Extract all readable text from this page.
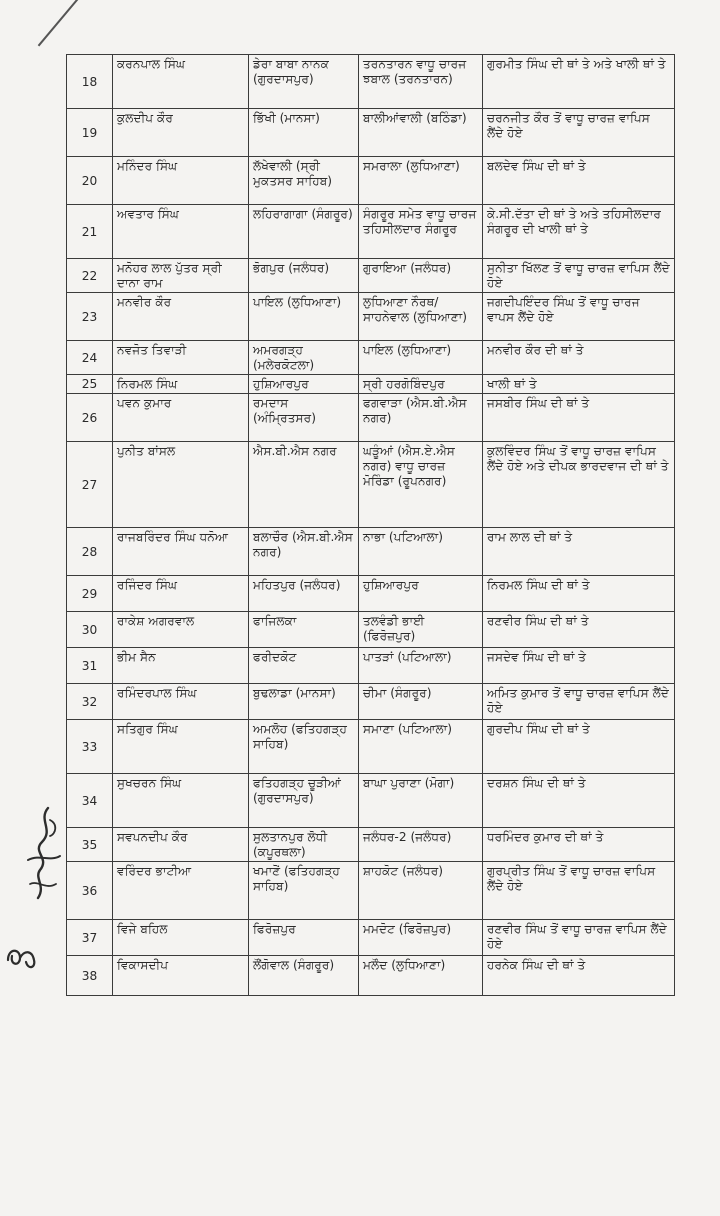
18	ਕਰਨਪਾਲ ਸਿੰਘ	ਡੇਰਾ ਬਾਬਾ ਨਾਨਕ (ਗੁਰਦਾਸਪੁਰ)	ਤਰਨਤਾਰਨ ਵਾਧੂ ਚਾਰਜ ਝਬਾਲ (ਤਰਨਤਾਰਨ)	ਗੁਰਮੀਤ ਸਿੰਘ ਦੀ ਥਾਂ ਤੇ ਅਤੇ ਖਾਲੀ ਥਾਂ ਤੇ

19	ਕੁਲਦੀਪ ਕੌਰ	ਭਿੱਖੀ (ਮਾਨਸਾ)	ਬਾਲੀਆਂਵਾਲੀ (ਬਠਿੰਡਾ)	ਚਰਨਜੀਤ ਕੌਰ ਤੋਂ ਵਾਧੂ ਚਾਰਜ਼ ਵਾਪਿਸ ਲੈਂਦੇ ਹੋਏ

20	ਮਨਿੰਦਰ ਸਿੰਘ	ਲੱਖੇਵਾਲੀ (ਸ੍ਰੀ ਮੁਕਤਸਰ ਸਾਹਿਬ)	ਸਮਰਾਲਾ (ਲੁਧਿਆਣਾ)	ਬਲਦੇਵ ਸਿੰਘ ਦੀ ਥਾਂ ਤੇ

21	ਅਵਤਾਰ ਸਿੰਘ	ਲਹਿਰਾਗਾਗਾ (ਸੰਗਰੂਰ)	ਸੰਗਰੂਰ ਸਮੇਤ ਵਾਧੂ ਚਾਰਜ ਤਹਿਸੀਲਦਾਰ ਸੰਗਰੂਰ	ਕੇ.ਸੀ.ਦੱਤਾ ਦੀ ਥਾਂ ਤੇ ਅਤੇ ਤਹਿਸੀਲਦਾਰ ਸੰਗਰੂਰ ਦੀ ਖਾਲੀ ਥਾਂ ਤੇ

22	ਮਨੋਹਰ ਲਾਲ ਪੁੱਤਰ ਸ੍ਰੀ ਦਾਨਾ ਰਾਮ	ਭੋਗਪੁਰ (ਜਲੰਧਰ)	ਗੁਰਾਇਆ (ਜਲੰਧਰ)	ਸੁਨੀਤਾ ਖਿੱਲਣ ਤੋਂ ਵਾਧੂ ਚਾਰਜ਼ ਵਾਪਿਸ ਲੈਂਦੇ ਹੋਏ

23	ਮਨਵੀਰ ਕੌਰ	ਪਾਇਲ (ਲੁਧਿਆਣਾ)	ਲੁਧਿਆਣਾ ਨੌਰਥ/ ਸਾਹਨੇਵਾਲ (ਲੁਧਿਆਣਾ)	ਜਗਦੀਪਇੰਦਰ ਸਿੰਘ ਤੋਂ ਵਾਧੂ ਚਾਰਜ ਵਾਪਸ ਲੈਂਦੇ ਹੋਏ

24	ਨਵਜੋਤ ਤਿਵਾੜੀ	ਅਮਰਗੜ੍ਹ (ਮਲੇਰਕੋਟਲਾ)	ਪਾਇਲ (ਲੁਧਿਆਣਾ)	ਮਨਵੀਰ ਕੌਰ ਦੀ ਥਾਂ ਤੇ

25	ਨਿਰਮਲ ਸਿੰਘ	ਹੁਸ਼ਿਆਰਪੁਰ	ਸ੍ਰੀ ਹਰਗੋਬਿੰਦਪੁਰ	ਖਾਲੀ ਥਾਂ ਤੇ

26	ਪਵਨ ਕੁਮਾਰ	ਰਮਦਾਸ (ਅੰਮ੍ਰਿਤਸਰ)	ਫਗਵਾੜਾ (ਐਸ.ਬੀ.ਐਸ ਨਗਰ)	ਜਸਬੀਰ ਸਿੰਘ ਦੀ ਥਾਂ ਤੇ

27	ਪੁਨੀਤ ਬਾਂਸਲ	ਐਸ.ਬੀ.ਐਸ ਨਗਰ	ਘੜੂੰਆਂ (ਐਸ.ਏ.ਐਸ ਨਗਰ) ਵਾਧੂ ਚਾਰਜ਼ ਮੋਰਿੰਡਾ (ਰੂਪਨਗਰ)	ਕੁਲਵਿੰਦਰ ਸਿੰਘ ਤੋਂ ਵਾਧੂ ਚਾਰਜ਼ ਵਾਪਿਸ ਲੈਂਦੇ ਹੋਏ ਅਤੇ ਦੀਪਕ ਭਾਰਦਵਾਜ ਦੀ ਥਾਂ ਤੇ

28	ਰਾਜਬਰਿੰਦਰ ਸਿੰਘ ਧਨੋਆ	ਬਲਾਚੌਰ (ਐਸ.ਬੀ.ਐਸ ਨਗਰ)	ਨਾਭਾ (ਪਟਿਆਲਾ)	ਰਾਮ ਲਾਲ ਦੀ ਥਾਂ ਤੇ

29	ਰਜਿੰਦਰ ਸਿੰਘ	ਮਹਿਤਪੁਰ (ਜਲੰਧਰ)	ਹੁਸ਼ਿਆਰਪੁਰ	ਨਿਰਮਲ ਸਿੰਘ ਦੀ ਥਾਂ ਤੇ

30	ਰਾਕੇਸ਼ ਅਗਰਵਾਲ	ਫਾਜਿਲਕਾ	ਤਲਵੰਡੀ ਭਾਈ (ਫਿਰੋਜ਼ਪੁਰ)	ਰਣਵੀਰ ਸਿੰਘ ਦੀ ਥਾਂ ਤੇ

31	ਭੀਮ ਸੈਨ	ਫਰੀਦਕੋਟ	ਪਾਤੜਾਂ (ਪਟਿਆਲਾ)	ਜਸਦੇਵ ਸਿੰਘ ਦੀ ਥਾਂ ਤੇ

32	ਰਮਿੰਦਰਪਾਲ ਸਿੰਘ	ਬੁਢਲਾਡਾ (ਮਾਨਸਾ)	ਚੀਮਾ (ਸੰਗਰੂਰ)	ਅਮਿਤ ਕੁਮਾਰ ਤੋਂ ਵਾਧੂ ਚਾਰਜ਼ ਵਾਪਿਸ ਲੈਂਦੇ ਹੋਏ

33	ਸਤਿਗੁਰ ਸਿੰਘ	ਅਮਲੋਹ (ਫਤਿਹਗੜ੍ਹ ਸਾਹਿਬ)	ਸਮਾਣਾ (ਪਟਿਆਲਾ)	ਗੁਰਦੀਪ ਸਿੰਘ ਦੀ ਥਾਂ ਤੇ

34	ਸੁਖਚਰਨ ਸਿੰਘ	ਫਤਿਹਗੜ੍ਹ ਚੂੜੀਆਂ (ਗੁਰਦਾਸਪੁਰ)	ਬਾਘਾ ਪੁਰਾਣਾ (ਮੋਗਾ)	ਦਰਸ਼ਨ ਸਿੰਘ ਦੀ ਥਾਂ ਤੇ

35	ਸਵਪਨਦੀਪ ਕੌਰ	ਸੁਲਤਾਨਪੁਰ ਲੋਧੀ (ਕਪੂਰਥਲਾ)	ਜਲੰਧਰ-2 (ਜਲੰਧਰ)	ਧਰਮਿੰਦਰ ਕੁਮਾਰ ਦੀ ਥਾਂ ਤੇ

36	ਵਰਿੰਦਰ ਭਾਟੀਆ	ਖਮਾਣੋਂ (ਫਤਿਹਗੜ੍ਹ ਸਾਹਿਬ)	ਸ਼ਾਹਕੋਟ (ਜਲੰਧਰ)	ਗੁਰਪ੍ਰੀਤ ਸਿੰਘ ਤੋਂ ਵਾਧੂ ਚਾਰਜ਼ ਵਾਪਿਸ ਲੈਂਦੇ ਹੋਏ

37	ਵਿਜੇ ਬਹਿਲ	ਫਿਰੋਜ਼ਪੁਰ	ਮਮਦੋਟ (ਫਿਰੋਜ਼ਪੁਰ)	ਰਣਵੀਰ ਸਿੰਘ ਤੋਂ ਵਾਧੂ ਚਾਰਜ਼ ਵਾਪਿਸ ਲੈਂਦੇ ਹੋਏ

38	ਵਿਕਾਸਦੀਪ	ਲੌਂਗੋਵਾਲ (ਸੰਗਰੂਰ)	ਮਲੌਦ (ਲੁਧਿਆਣਾ)	ਹਰਨੇਕ ਸਿੰਘ ਦੀ ਥਾਂ ਤੇ
